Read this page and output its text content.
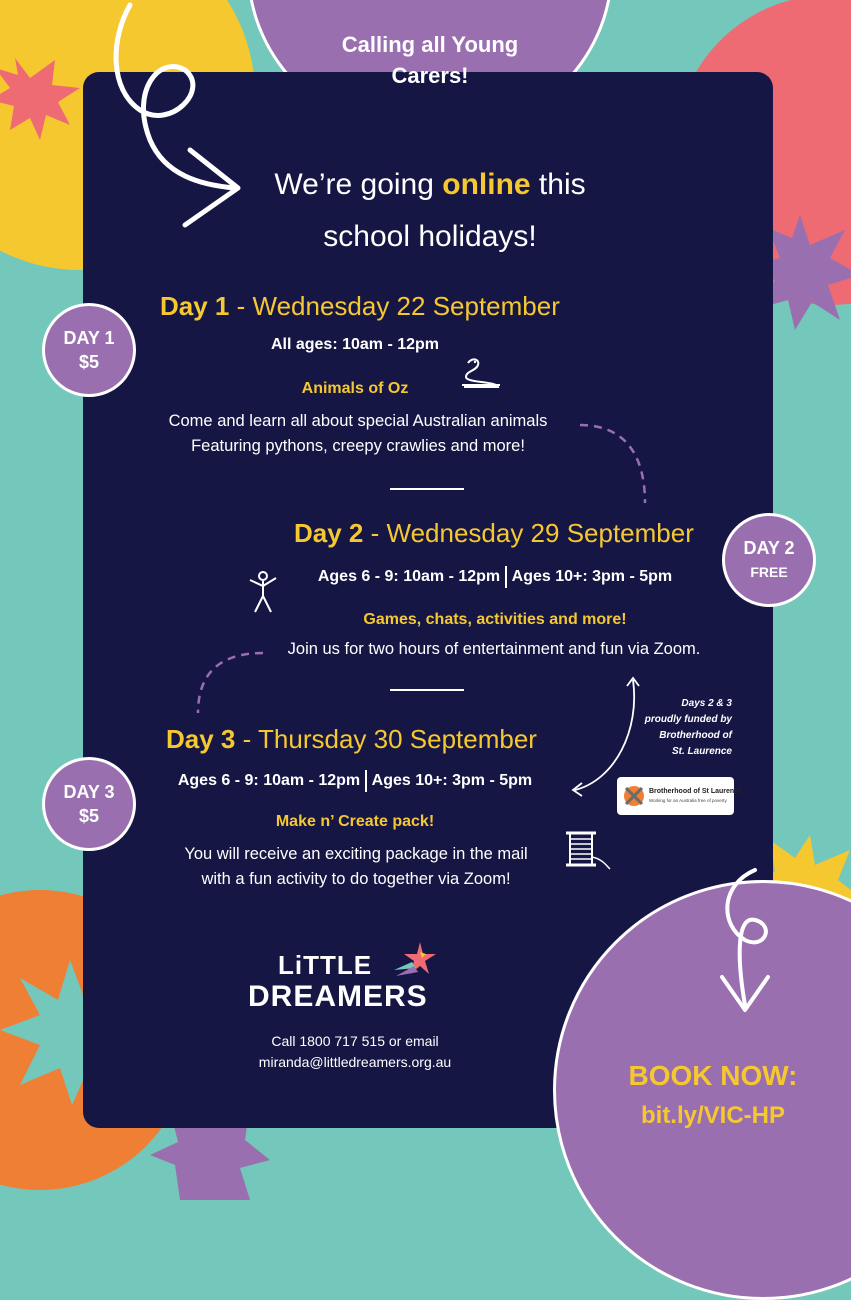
Calling all Young
Carers!
We’re going online this
school holidays!
DAY 1
$5
Day 1 - Wednesday 22 September
All ages: 10am - 12pm
Animals of Oz
Come and learn all about special Australian animals
Featuring pythons, creepy crawlies and more!
Day 2 - Wednesday 29 September	DAY 2
FREE
Ages 6 - 9: 10am - 12pm Ages 10+: 3pm - 5pm
Games, chats, activities and more!
Join us for two hours of entertainment and fun via Zoom.
Day 3 - Thursday 30 September
DAY 3
$5
Ages 6 - 9: 10am - 12pm Ages 10+: 3pm - 5pm
Make n’ Create pack!
You will receive an exciting package in the mail
with a fun activity to do together via Zoom!
Days 2 & 3
proudly funded by
Brotherhood of
St. Laurence
Brotherhood of St Laurence
Working for an Australia free of poverty
LiTTLE
DREAMERS
Call 1800 717 515 or email
miranda@littledreamers.org.au	BOOK NOW:
bit.ly/VIC-HP
